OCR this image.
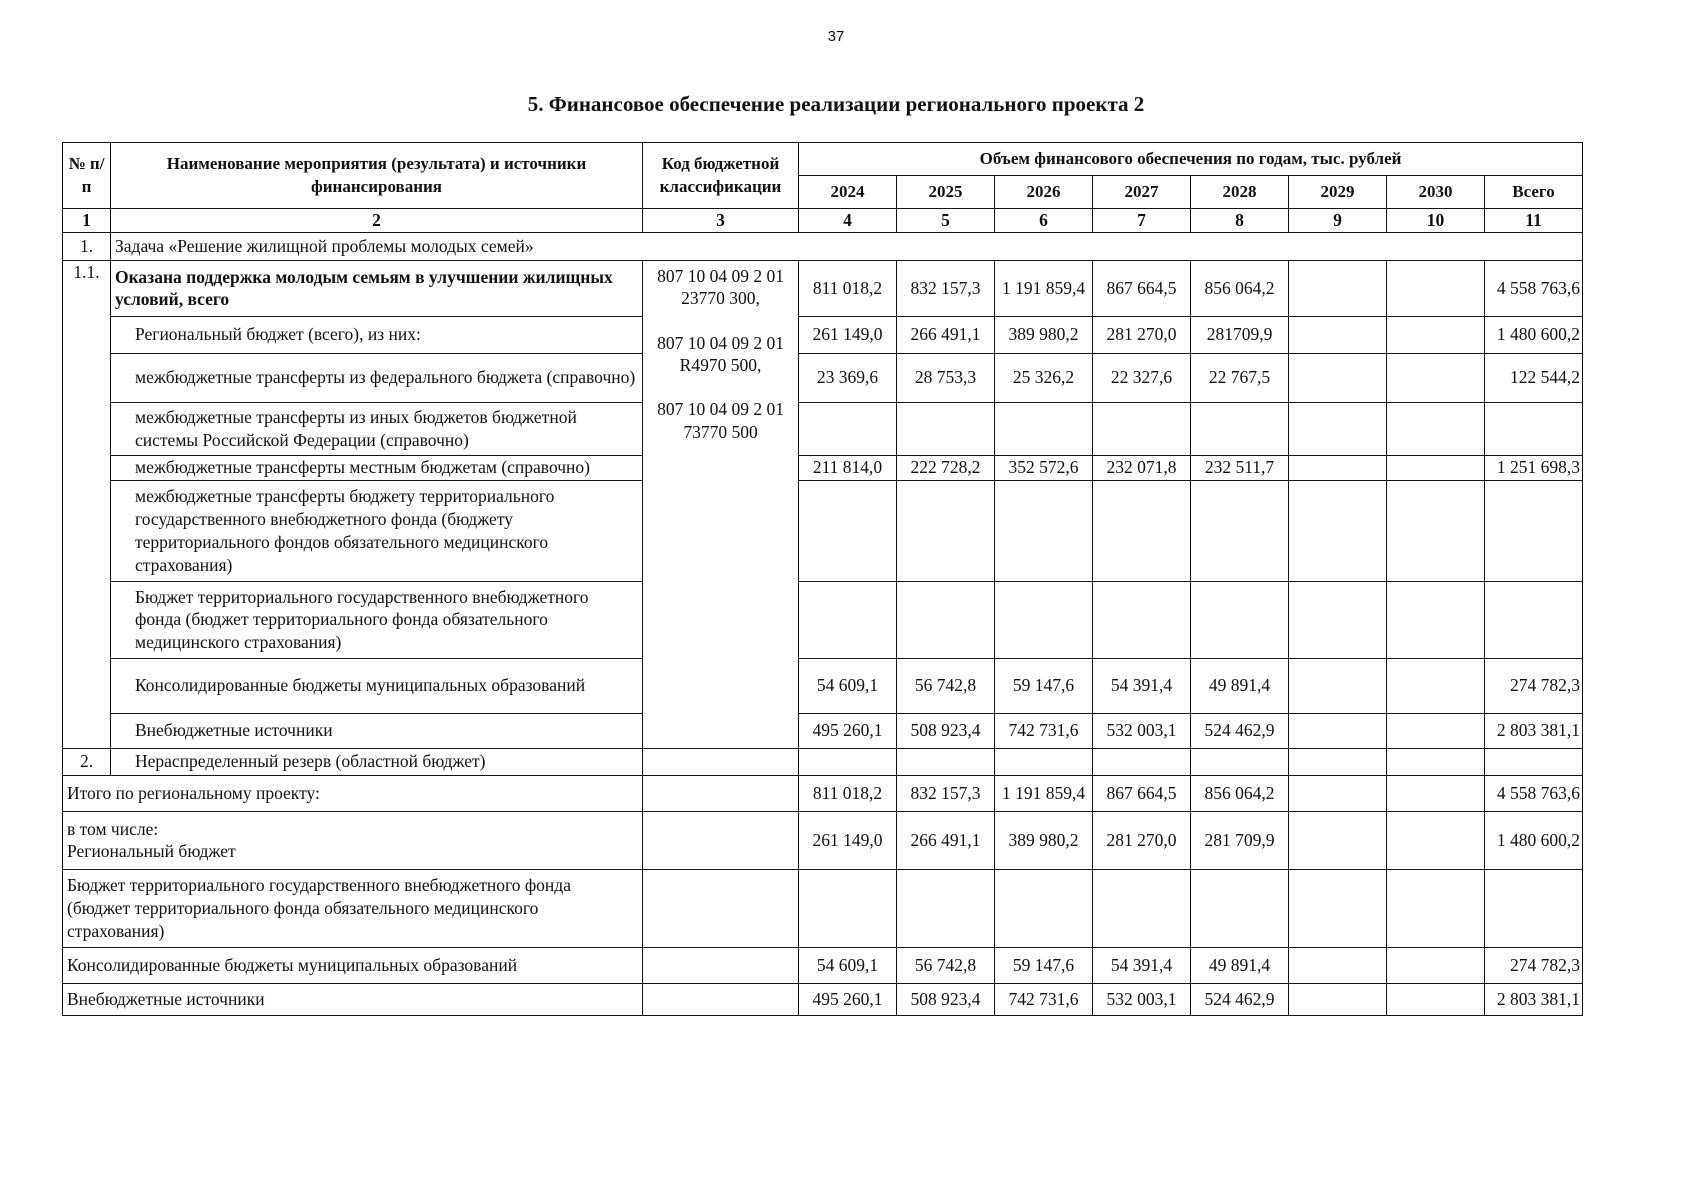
37
5. Финансовое обеспечение реализации регионального проекта 2
№ п/п	Наименование мероприятия (результата) и источники финансирования	Код бюджетной классификации	Объем финансового обеспечения по годам, тыс. рублей							
			2024	2025	2026	2027	2028	2029	2030	Всего
1	2	3	4	5	6	7	8	9	10	11
1.	Задача «Решение жилищной проблемы молодых семей»									
1.1.	Оказана поддержка молодым семьям в улучшении жилищных условий, всего	807 10 04 09 2 01 23770 300,
807 10 04 09 2 01 R4970 500,
807 10 04 09 2 01 73770 500	811 018,2	832 157,3	1 191 859,4	867 664,5	856 064,2			4 558 763,6
	Региональный бюджет (всего), из них:		261 149,0	266 491,1	389 980,2	281 270,0	281709,9			1 480 600,2
	межбюджетные трансферты из федерального бюджета (справочно)		23 369,6	28 753,3	25 326,2	22 327,6	22 767,5			122 544,2
	межбюджетные трансферты из иных бюджетов бюджетной системы Российской Федерации (справочно)									
	межбюджетные трансферты местным бюджетам (справочно)		211 814,0	222 728,2	352 572,6	232 071,8	232 511,7			1 251 698,3
	межбюджетные трансферты бюджету территориального государственного внебюджетного фонда (бюджету территориального фондов обязательного медицинского страхования)									
	Бюджет территориального государственного внебюджетного фонда (бюджет территориального фонда обязательного медицинского страхования)									
	Консолидированные бюджеты муниципальных образований		54 609,1	56 742,8	59 147,6	54 391,4	49 891,4			274 782,3
	Внебюджетные источники		495 260,1	508 923,4	742 731,6	532 003,1	524 462,9			2 803 381,1
2.	Нераспределенный резерв (областной бюджет)									
Итого по региональному проекту:			811 018,2	832 157,3	1 191 859,4	867 664,5	856 064,2			4 558 763,6

в том числе:
Региональный бюджет			261 149,0	266 491,1	389 980,2	281 270,0	281 709,9			1 480 600,2
Бюджет территориального государственного внебюджетного фонда (бюджет территориального фонда обязательного медицинского страхования)										
Консолидированные бюджеты муниципальных образований			54 609,1	56 742,8	59 147,6	54 391,4	49 891,4			274 782,3
Внебюджетные источники			495 260,1	508 923,4	742 731,6	532 003,1	524 462,9			2 803 381,1
